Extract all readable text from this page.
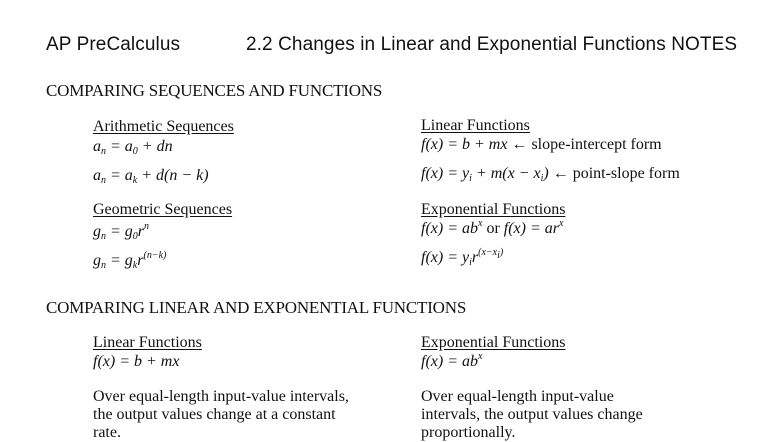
AP PreCalculus	2.2 Changes in Linear and Exponential Functions NOTES
COMPARING SEQUENCES AND FUNCTIONS
Arithmetic Sequences
$a_n = a_0$ + dn
$a_n = a_k + d(n - k)$
Geometric Sequences
$g_n = g_0r^n$
$g_n = g_kr^{(n-k)}$
Linear Functions
f(x) = b + mx ← slope-intercept form
$f(x) = y_i + m(x - x_i)$ ← point-slope form
Exponential Functions
$f(x) = ab^x$ or $f(x) = ar^x$
$f(x) = y_ir^{(x-x_i)}$
COMPARING LINEAR AND EXPONENTIAL FUNCTIONS
Linear Functions
f(x) = b + mx
Over equal-length input-value intervals, the output values change at a constant rate.
Exponential Functions
$f(x) = ab^x$
Over equal-length input-value intervals, the output values change proportionally.
